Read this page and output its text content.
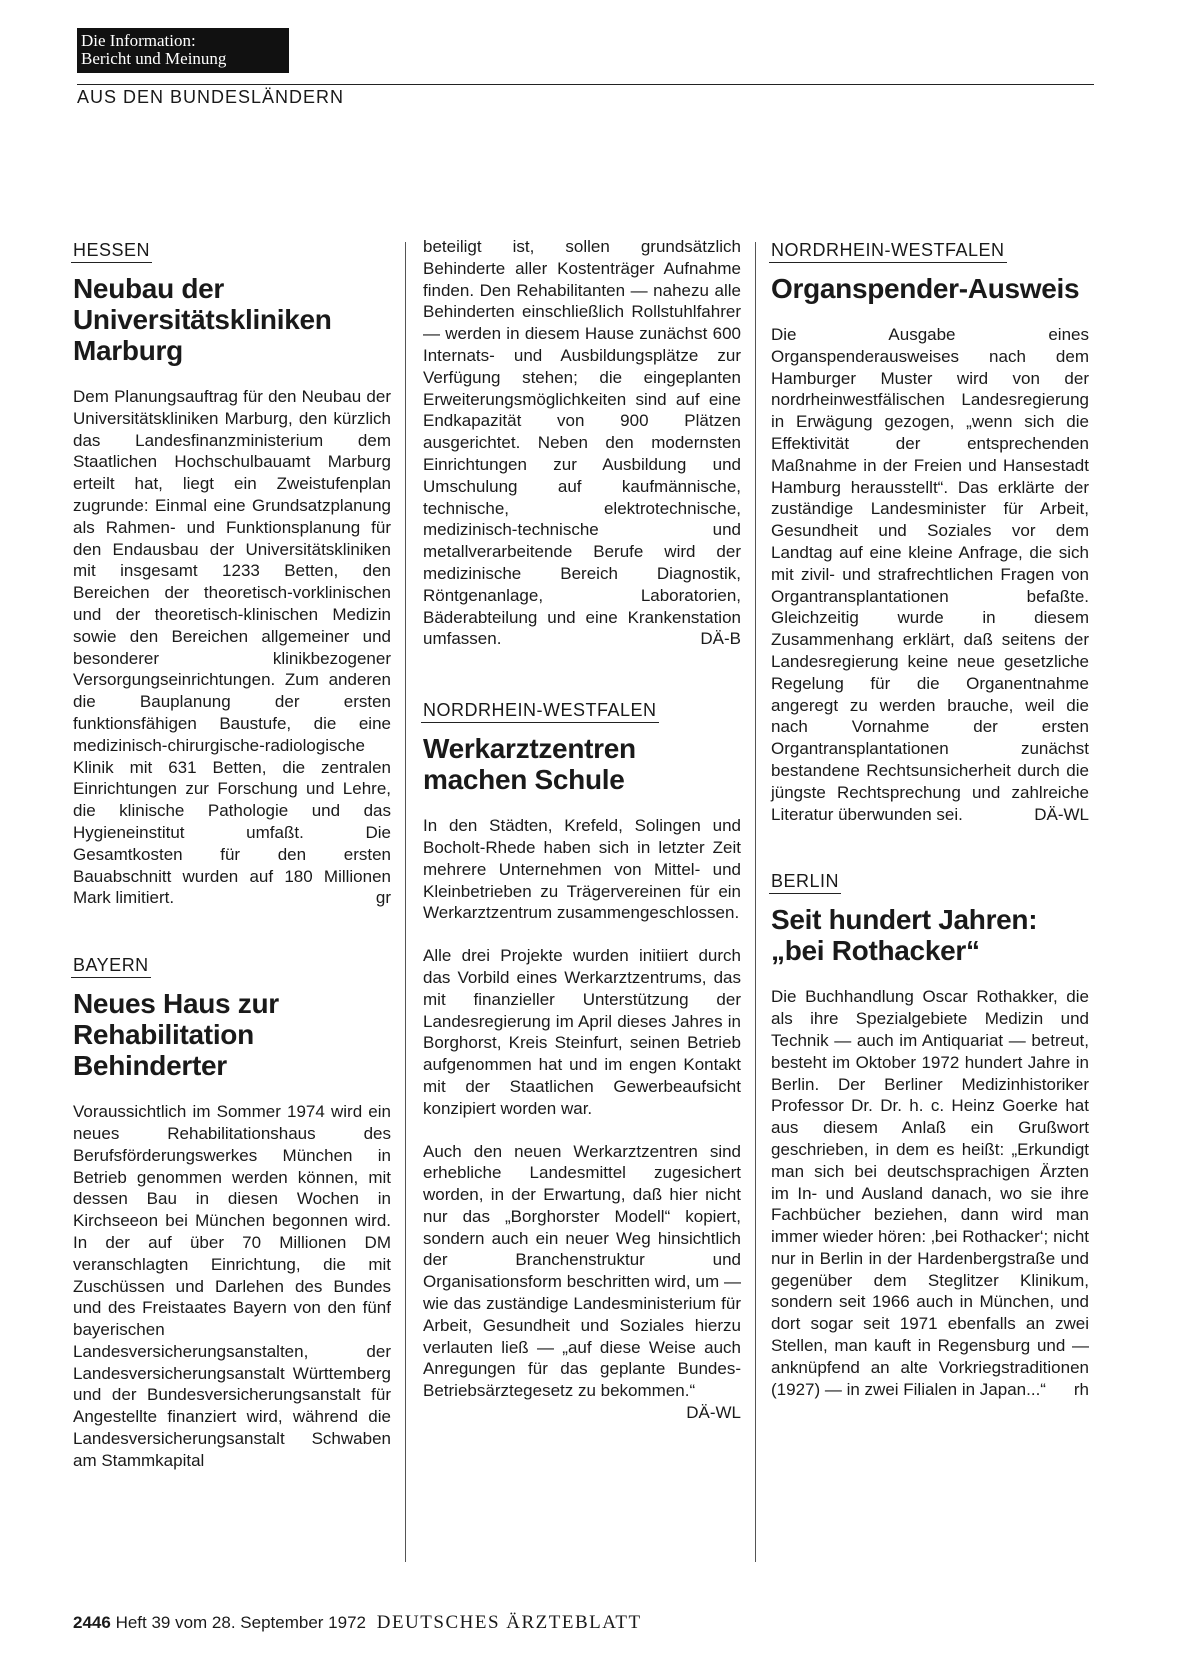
Die Information:
Bericht und Meinung
AUS DEN BUNDESLÄNDERN
HESSEN
Neubau der Universitätskliniken Marburg
Dem Planungsauftrag für den Neubau der Universitätskliniken Marburg, den kürzlich das Landesfinanzministerium dem Staatlichen Hochschulbauamt Marburg erteilt hat, liegt ein Zweistufenplan zugrunde: Einmal eine Grundsatzplanung als Rahmen- und Funktionsplanung für den Endausbau der Universitätskliniken mit insgesamt 1233 Betten, den Bereichen der theoretisch-vorklinischen und der theoretisch-klinischen Medizin sowie den Bereichen allgemeiner und besonderer klinikbezogener Versorgungseinrichtungen. Zum anderen die Bauplanung der ersten funktionsfähigen Baustufe, die eine medizinisch-chirurgische-radiologische Klinik mit 631 Betten, die zentralen Einrichtungen zur Forschung und Lehre, die klinische Pathologie und das Hygieneinstitut umfaßt. Die Gesamtkosten für den ersten Bauabschnitt wurden auf 180 Millionen Mark limitiert.	gr
BAYERN
Neues Haus zur Rehabilitation Behinderter
Voraussichtlich im Sommer 1974 wird ein neues Rehabilitationshaus des Berufsförderungswerkes München in Betrieb genommen werden können, mit dessen Bau in diesen Wochen in Kirchseeon bei München begonnen wird. In der auf über 70 Millionen DM veranschlagten Einrichtung, die mit Zuschüssen und Darlehen des Bundes und des Freistaates Bayern von den fünf bayerischen Landesversicherungsanstalten, der Landesversicherungsanstalt Württemberg und der Bundesversicherungsanstalt für Angestellte finanziert wird, während die Landesversicherungsanstalt Schwaben am Stammkapital
beteiligt ist, sollen grundsätzlich Behinderte aller Kostenträger Aufnahme finden. Den Rehabilitanten — nahezu alle Behinderten einschließlich Rollstuhlfahrer — werden in diesem Hause zunächst 600 Internats- und Ausbildungsplätze zur Verfügung stehen; die eingeplanten Erweiterungsmöglichkeiten sind auf eine Endkapazität von 900 Plätzen ausgerichtet. Neben den modernsten Einrichtungen zur Ausbildung und Umschulung auf kaufmännische, technische, elektrotechnische, medizinisch-technische und metallverarbeitende Berufe wird der medizinische Bereich Diagnostik, Röntgenanlage, Laboratorien, Bäderabteilung und eine Krankenstation umfassen.	DÄ-B
NORDRHEIN-WESTFALEN
Werkarztzentren machen Schule
In den Städten, Krefeld, Solingen und Bocholt-Rhede haben sich in letzter Zeit mehrere Unternehmen von Mittel- und Kleinbetrieben zu Trägervereinen für ein Werkarztzentrum zusammengeschlossen.
Alle drei Projekte wurden initiiert durch das Vorbild eines Werkarztzentrums, das mit finanzieller Unterstützung der Landesregierung im April dieses Jahres in Borghorst, Kreis Steinfurt, seinen Betrieb aufgenommen hat und im engen Kontakt mit der Staatlichen Gewerbeaufsicht konzipiert worden war.
Auch den neuen Werkarztzentren sind erhebliche Landesmittel zugesichert worden, in der Erwartung, daß hier nicht nur das „Borghorster Modell“ kopiert, sondern auch ein neuer Weg hinsichtlich der Branchenstruktur und Organisationsform beschritten wird, um — wie das zuständige Landesministerium für Arbeit, Gesundheit und Soziales hierzu verlauten ließ — „auf diese Weise auch Anregungen für das geplante Bundes-Betriebsärztegesetz zu bekommen.“
DÄ-WL
NORDRHEIN-WESTFALEN
Organspender-Ausweis
Die Ausgabe eines Organspenderausweises nach dem Hamburger Muster wird von der nordrheinwestfälischen Landesregierung in Erwägung gezogen, „wenn sich die Effektivität der entsprechenden Maßnahme in der Freien und Hansestadt Hamburg herausstellt“. Das erklärte der zuständige Landesminister für Arbeit, Gesundheit und Soziales vor dem Landtag auf eine kleine Anfrage, die sich mit zivil- und strafrechtlichen Fragen von Organtransplantationen befaßte. Gleichzeitig wurde in diesem Zusammenhang erklärt, daß seitens der Landesregierung keine neue gesetzliche Regelung für die Organentnahme angeregt zu werden brauche, weil die nach Vornahme der ersten Organtransplantationen zunächst bestandene Rechtsunsicherheit durch die jüngste Rechtsprechung und zahlreiche Literatur überwunden sei.	DÄ-WL
BERLIN
Seit hundert Jahren: „bei Rothacker“
Die Buchhandlung Oscar Rothakker, die als ihre Spezialgebiete Medizin und Technik — auch im Antiquariat — betreut, besteht im Oktober 1972 hundert Jahre in Berlin. Der Berliner Medizinhistoriker Professor Dr. Dr. h. c. Heinz Goerke hat aus diesem Anlaß ein Grußwort geschrieben, in dem es heißt: „Erkundigt man sich bei deutschsprachigen Ärzten im In- und Ausland danach, wo sie ihre Fachbücher beziehen, dann wird man immer wieder hören: ‚bei Rothacker‘; nicht nur in Berlin in der Hardenbergstraße und gegenüber dem Steglitzer Klinikum, sondern seit 1966 auch in München, und dort sogar seit 1971 ebenfalls an zwei Stellen, man kauft in Regensburg und — anknüpfend an alte Vorkriegstraditionen (1927) — in zwei Filialen in Japan...“ rh
2446 Heft 39 vom 28. September 1972 DEUTSCHES ÄRZTEBLATT
